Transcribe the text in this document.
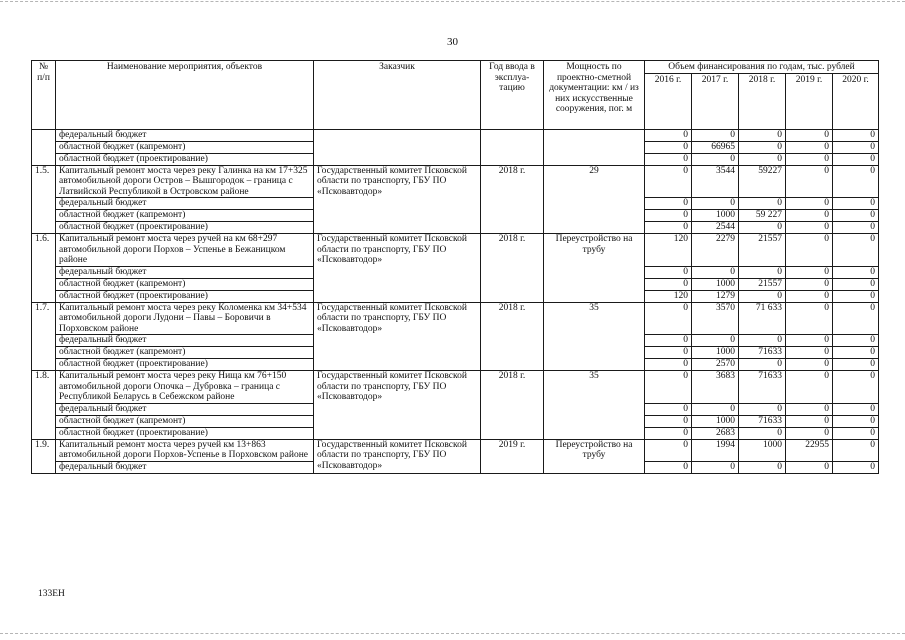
30
№ п/п	Наименование мероприятия, объектов	Заказчик	Год ввода в эксплуа-тацию	Мощность по проектно-сметной документации: км / из них искусственные сооружения, пог. м	Объем финансирования по годам, тыс. рублей				
					2016 г.	2017 г.	2018 г.	2019 г.	2020 г.
	федеральный бюджет				0	0	0	0	0
	областной бюджет (капремонт)				0	66965	0	0	0
	областной бюджет (проектирование)				0	0	0	0	0
1.5.	Капитальный ремонт моста через реку Галинка на км 17+325 автомобильной дороги Остров – Вышгородок – граница с Латвийской Республикой в Островском районе	Государственный комитет Псковской области по транспорту, ГБУ ПО «Псковавтодор»	2018 г.	29	0	3544	59227	0	0
	федеральный бюджет				0	0	0	0	0
	областной бюджет (капремонт)				0	1000	59 227	0	0
	областной бюджет (проектирование)				0	2544	0	0	0
1.6.	Капитальный ремонт моста через ручей на км 68+297 автомобильной дороги Порхов – Успенье в Бежаницком районе	Государственный комитет Псковской области по транспорту, ГБУ ПО «Псковавтодор»	2018 г.	Переустройство на трубу	120	2279	21557	0	0
	федеральный бюджет				0	0	0	0	0
	областной бюджет (капремонт)				0	1000	21557	0	0
	областной бюджет (проектирование)				120	1279	0	0	0
1.7.	Капитальный ремонт моста через реку Коломенка км 34+534 автомобильной дороги Лудони – Павы – Боровичи в Порховском районе	Государственный комитет Псковской области по транспорту, ГБУ ПО «Псковавтодор»	2018 г.	35	0	3570	71 633	0	0
	федеральный бюджет				0	0	0	0	0
	областной бюджет (капремонт)				0	1000	71633	0	0
	областной бюджет (проектирование)				0	2570	0	0	0
1.8.	Капитальный ремонт моста через реку Нища км 76+150 автомобильной дороги Опочка – Дубровка – граница с Республикой Беларусь в Себежском районе	Государственный комитет Псковской области по транспорту, ГБУ ПО «Псковавтодор»	2018 г.	35	0	3683	71633	0	0
	федеральный бюджет				0	0	0	0	0
	областной бюджет (капремонт)				0	1000	71633	0	0
	областной бюджет (проектирование)				0	2683	0	0	0
1.9.	Капитальный ремонт моста через ручей км 13+863 автомобильной дороги Порхов-Успенье в Порховском районе	Государственный комитет Псковской области по транспорту, ГБУ ПО «Псковавтодор»	2019 г.	Переустройство на трубу	0	1994	1000	22955	0
	федеральный бюджет				0	0	0	0	0
133ЕН
